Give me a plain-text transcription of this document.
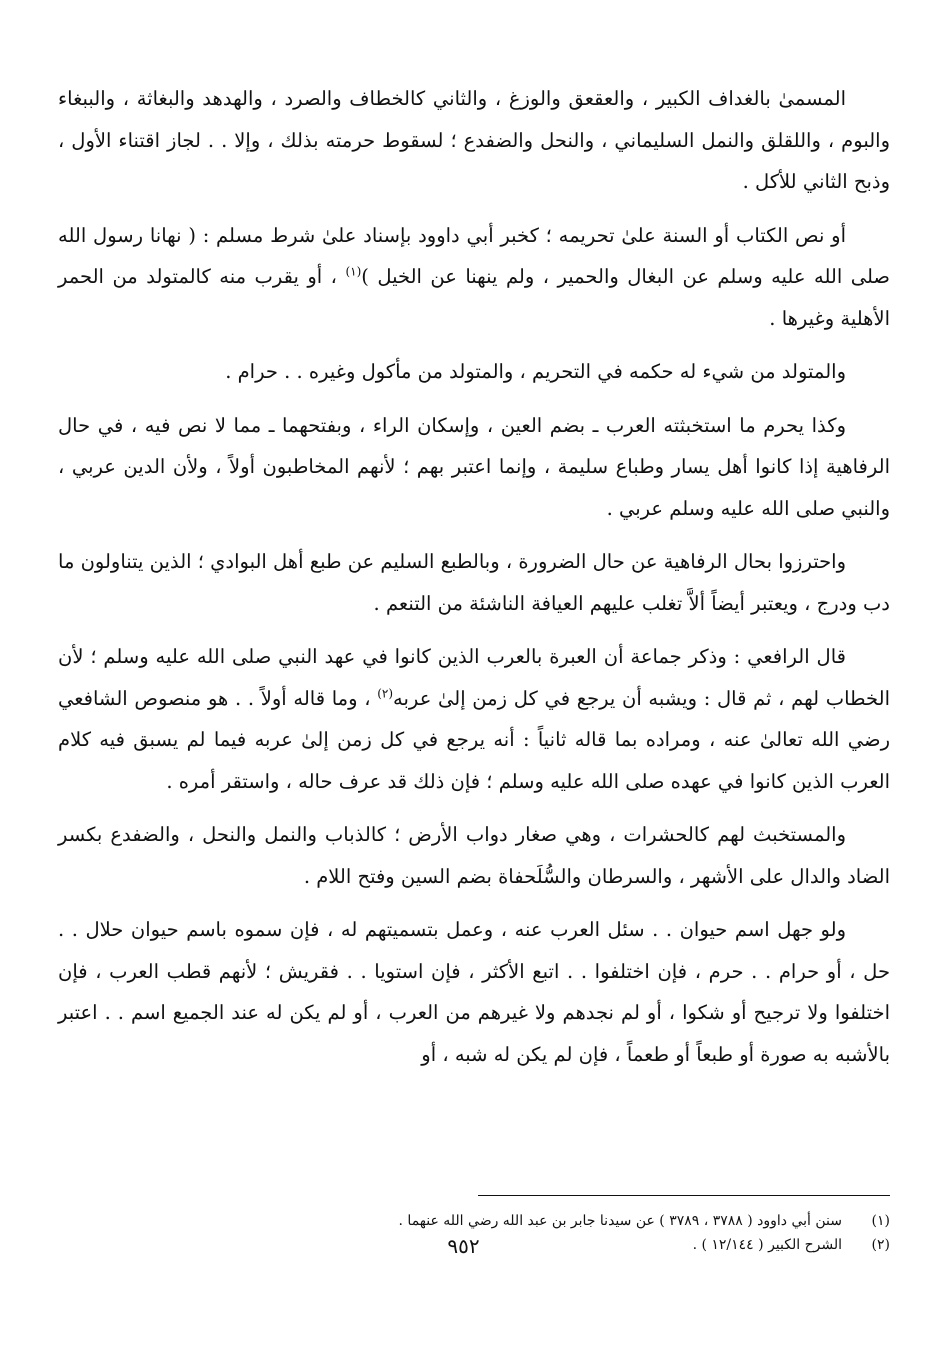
المسمىٰ بالغداف الكبير ، والعقعق والوزغ ، والثاني كالخطاف والصرد ، والهدهد والبغاثة ، والببغاء والبوم ، واللقلق والنمل السليماني ، والنحل والضفدع ؛ لسقوط حرمته بذلك ، وإلا . . لجاز اقتناء الأول ، وذبح الثاني للأكل .

أو نص الكتاب أو السنة علىٰ تحريمه ؛ كخبر أبي داوود بإسناد علىٰ شرط مسلم : ( نهانا رسول الله صلى الله عليه وسلم عن البغال والحمير ، ولم ينهنا عن الخيل )$^{(١)}$ ، أو يقرب منه كالمتولد من الحمر الأهلية وغيرها .

والمتولد من شيء له حكمه في التحريم ، والمتولد من مأكول وغيره . . حرام .

وكذا يحرم ما استخبثته العرب ـ بضم العين ، وإسكان الراء ، وبفتحهما ـ مما لا نص فيه ، في حال الرفاهية إذا كانوا أهل يسار وطباع سليمة ، وإنما اعتبر بهم ؛ لأنهم المخاطبون أولاً ، ولأن الدين عربي ، والنبي صلى الله عليه وسلم عربي .

واحترزوا بحال الرفاهية عن حال الضرورة ، وبالطبع السليم عن طبع أهل البوادي ؛ الذين يتناولون ما دب ودرج ، ويعتبر أيضاً ألاَّ تغلب عليهم العيافة الناشئة من التنعم .

قال الرافعي : وذكر جماعة أن العبرة بالعرب الذين كانوا في عهد النبي صلى الله عليه وسلم ؛ لأن الخطاب لهم ، ثم قال : ويشبه أن يرجع في كل زمن إلىٰ عربه$^{(٢)}$ ، وما قاله أولاً . . هو منصوص الشافعي رضي الله تعالىٰ عنه ، ومراده بما قاله ثانياً : أنه يرجع في كل زمن إلىٰ عربه فيما لم يسبق فيه كلام العرب الذين كانوا في عهده صلى الله عليه وسلم ؛ فإن ذلك قد عرف حاله ، واستقر أمره .

والمستخبث لهم كالحشرات ، وهي صغار دواب الأرض ؛ كالذباب والنمل والنحل ، والضفدع بكسر الضاد والدال على الأشهر ، والسرطان والسُّلَحفاة بضم السين وفتح اللام .

ولو جهل اسم حيوان . . سئل العرب عنه ، وعمل بتسميتهم له ، فإن سموه باسم حيوان حلال . . حل ، أو حرام . . حرم ، فإن اختلفوا . . اتبع الأكثر ، فإن استويا . . فقريش ؛ لأنهم قطب العرب ، فإن اختلفوا ولا ترجيح أو شكوا ، أو لم نجدهم ولا غيرهم من العرب ، أو لم يكن له عند الجميع اسم . . اعتبر بالأشبه به صورة أو طبعاً أو طعماً ، فإن لم يكن له شبه ، أو

(١)
سنن أبي داوود ( ٣٧٨٨ ، ٣٧٨٩ ) عن سيدنا جابر بن عبد الله رضي الله عنهما .
(٢)
الشرح الكبير ( ١٢/١٤٤ ) .
٩٥٢
